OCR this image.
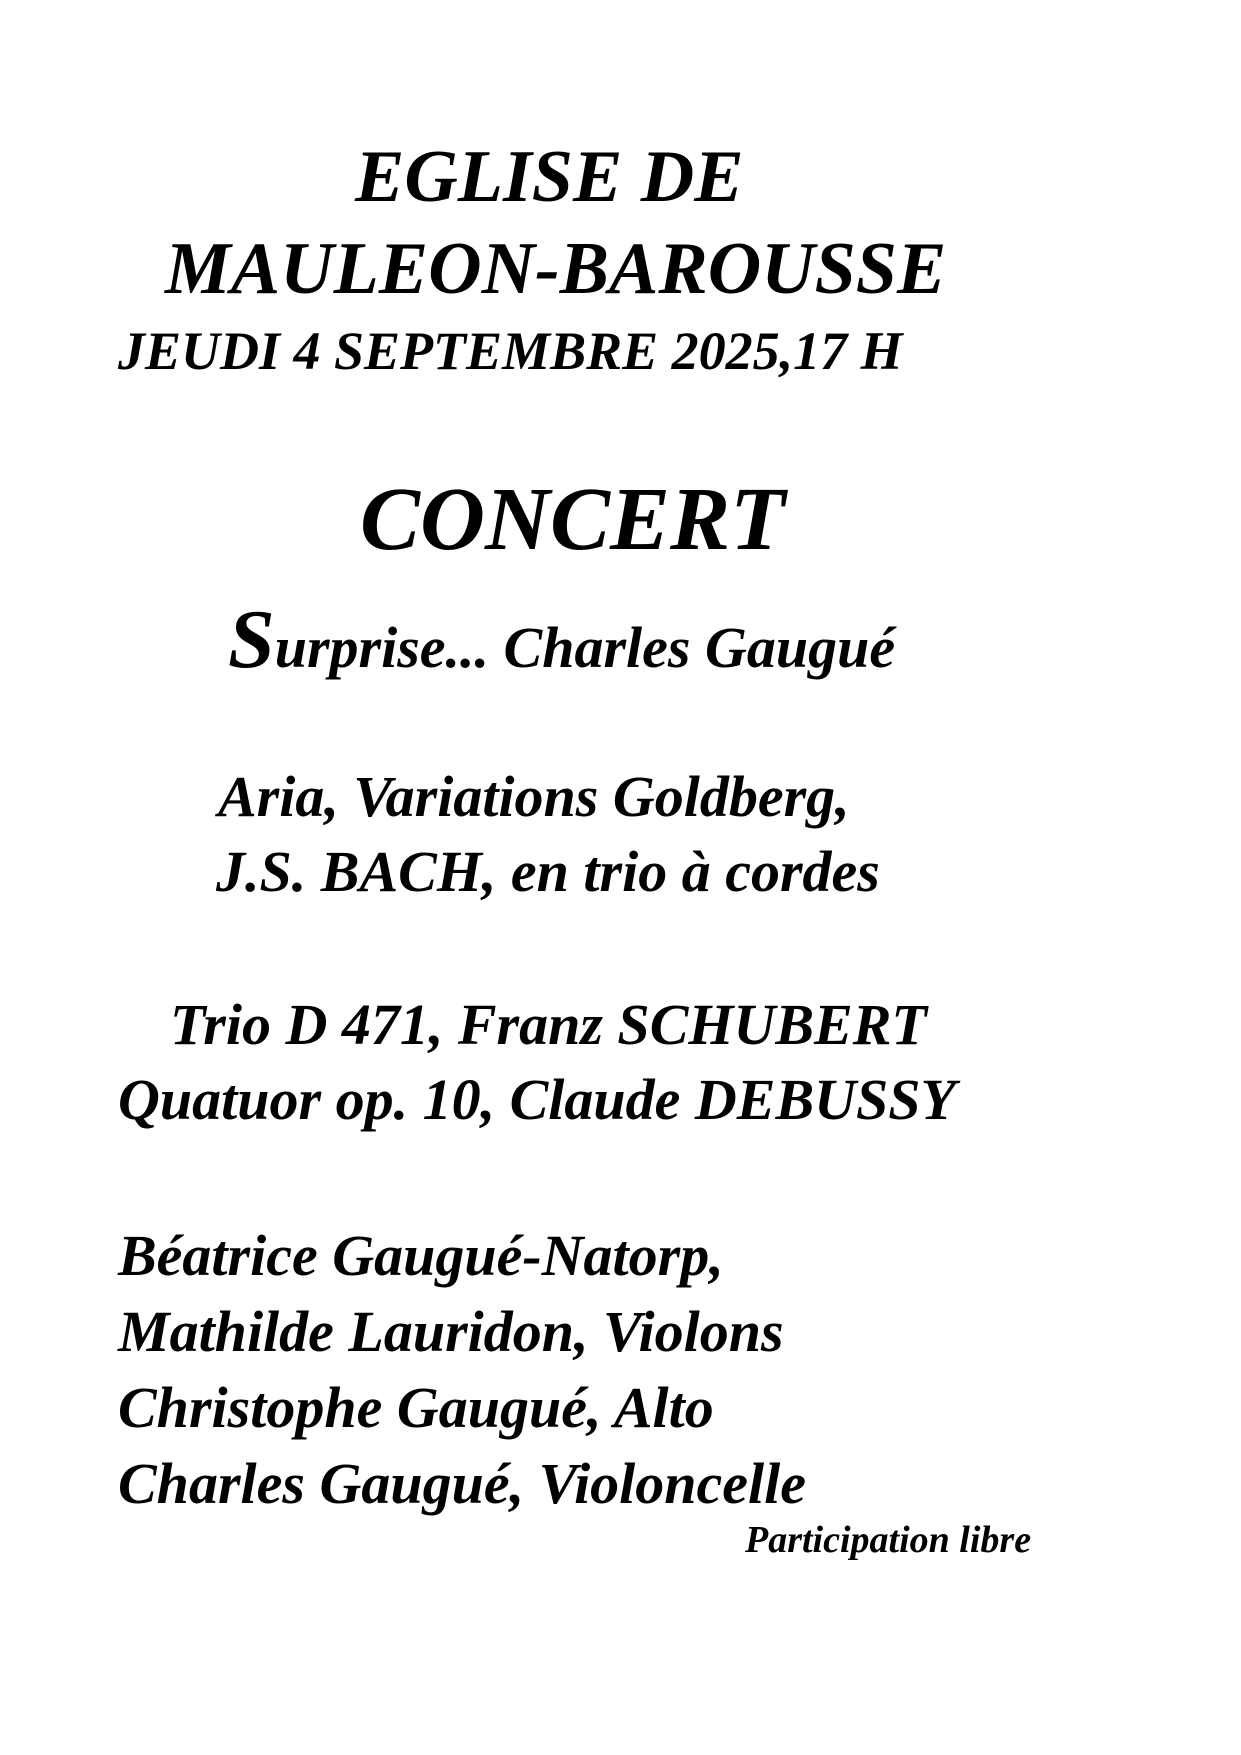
EGLISE DE

MAULEON-BAROUSSE

JEUDI 4 SEPTEMBRE 2025,17 H

CONCERT

Surprise... Charles Gaugué

Aria, Variations Goldberg,

J.S. BACH, en trio à cordes

Trio D 471, Franz SCHUBERT

Quatuor op. 10, Claude DEBUSSY

Béatrice Gaugué-Natorp,

Mathilde Lauridon, Violons

Christophe Gaugué, Alto

Charles Gaugué, Violoncelle

Participation libre
